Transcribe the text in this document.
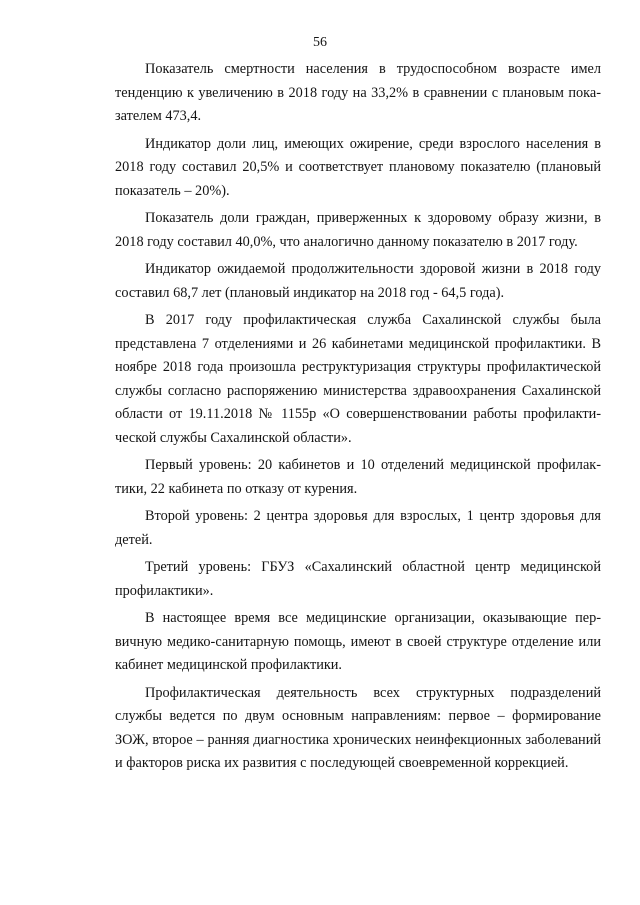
56

Показатель смертности населения в трудоспособном возрасте имел тенденцию к увеличению в 2018 году на 33,2% в сравнении с плановым показателем 473,4.

Индикатор доли лиц, имеющих ожирение, среди взрослого населения в 2018 году составил 20,5% и соответствует плановому показателю (плановый показатель – 20%).

Показатель доли граждан, приверженных к здоровому образу жизни, в 2018 году составил 40,0%, что аналогично данному показателю в 2017 году.

Индикатор ожидаемой продолжительности здоровой жизни в 2018 году составил 68,7 лет (плановый индикатор на 2018 год - 64,5 года).

В 2017 году профилактическая служба Сахалинской службы была представлена 7 отделениями и 26 кабинетами медицинской профилактики. В ноябре 2018 года произошла реструктуризация структуры профилактической службы согласно распоряжению министерства здравоохранения Сахалинской области от 19.11.2018 № 1155р «О совершенствовании работы профилактической службы Сахалинской области».

Первый уровень: 20 кабинетов и 10 отделений медицинской профилактики, 22 кабинета по отказу от курения.

Второй уровень: 2 центра здоровья для взрослых, 1 центр здоровья для детей.

Третий уровень: ГБУЗ «Сахалинский областной центр медицинской профилактики».

В настоящее время все медицинские организации, оказывающие первичную медико-санитарную помощь, имеют в своей структуре отделение или кабинет медицинской профилактики.

Профилактическая деятельность всех структурных подразделений службы ведется по двум основным направлениям: первое – формирование ЗОЖ, второе – ранняя диагностика хронических неинфекционных заболеваний и факторов риска их развития с последующей своевременной коррекцией.
